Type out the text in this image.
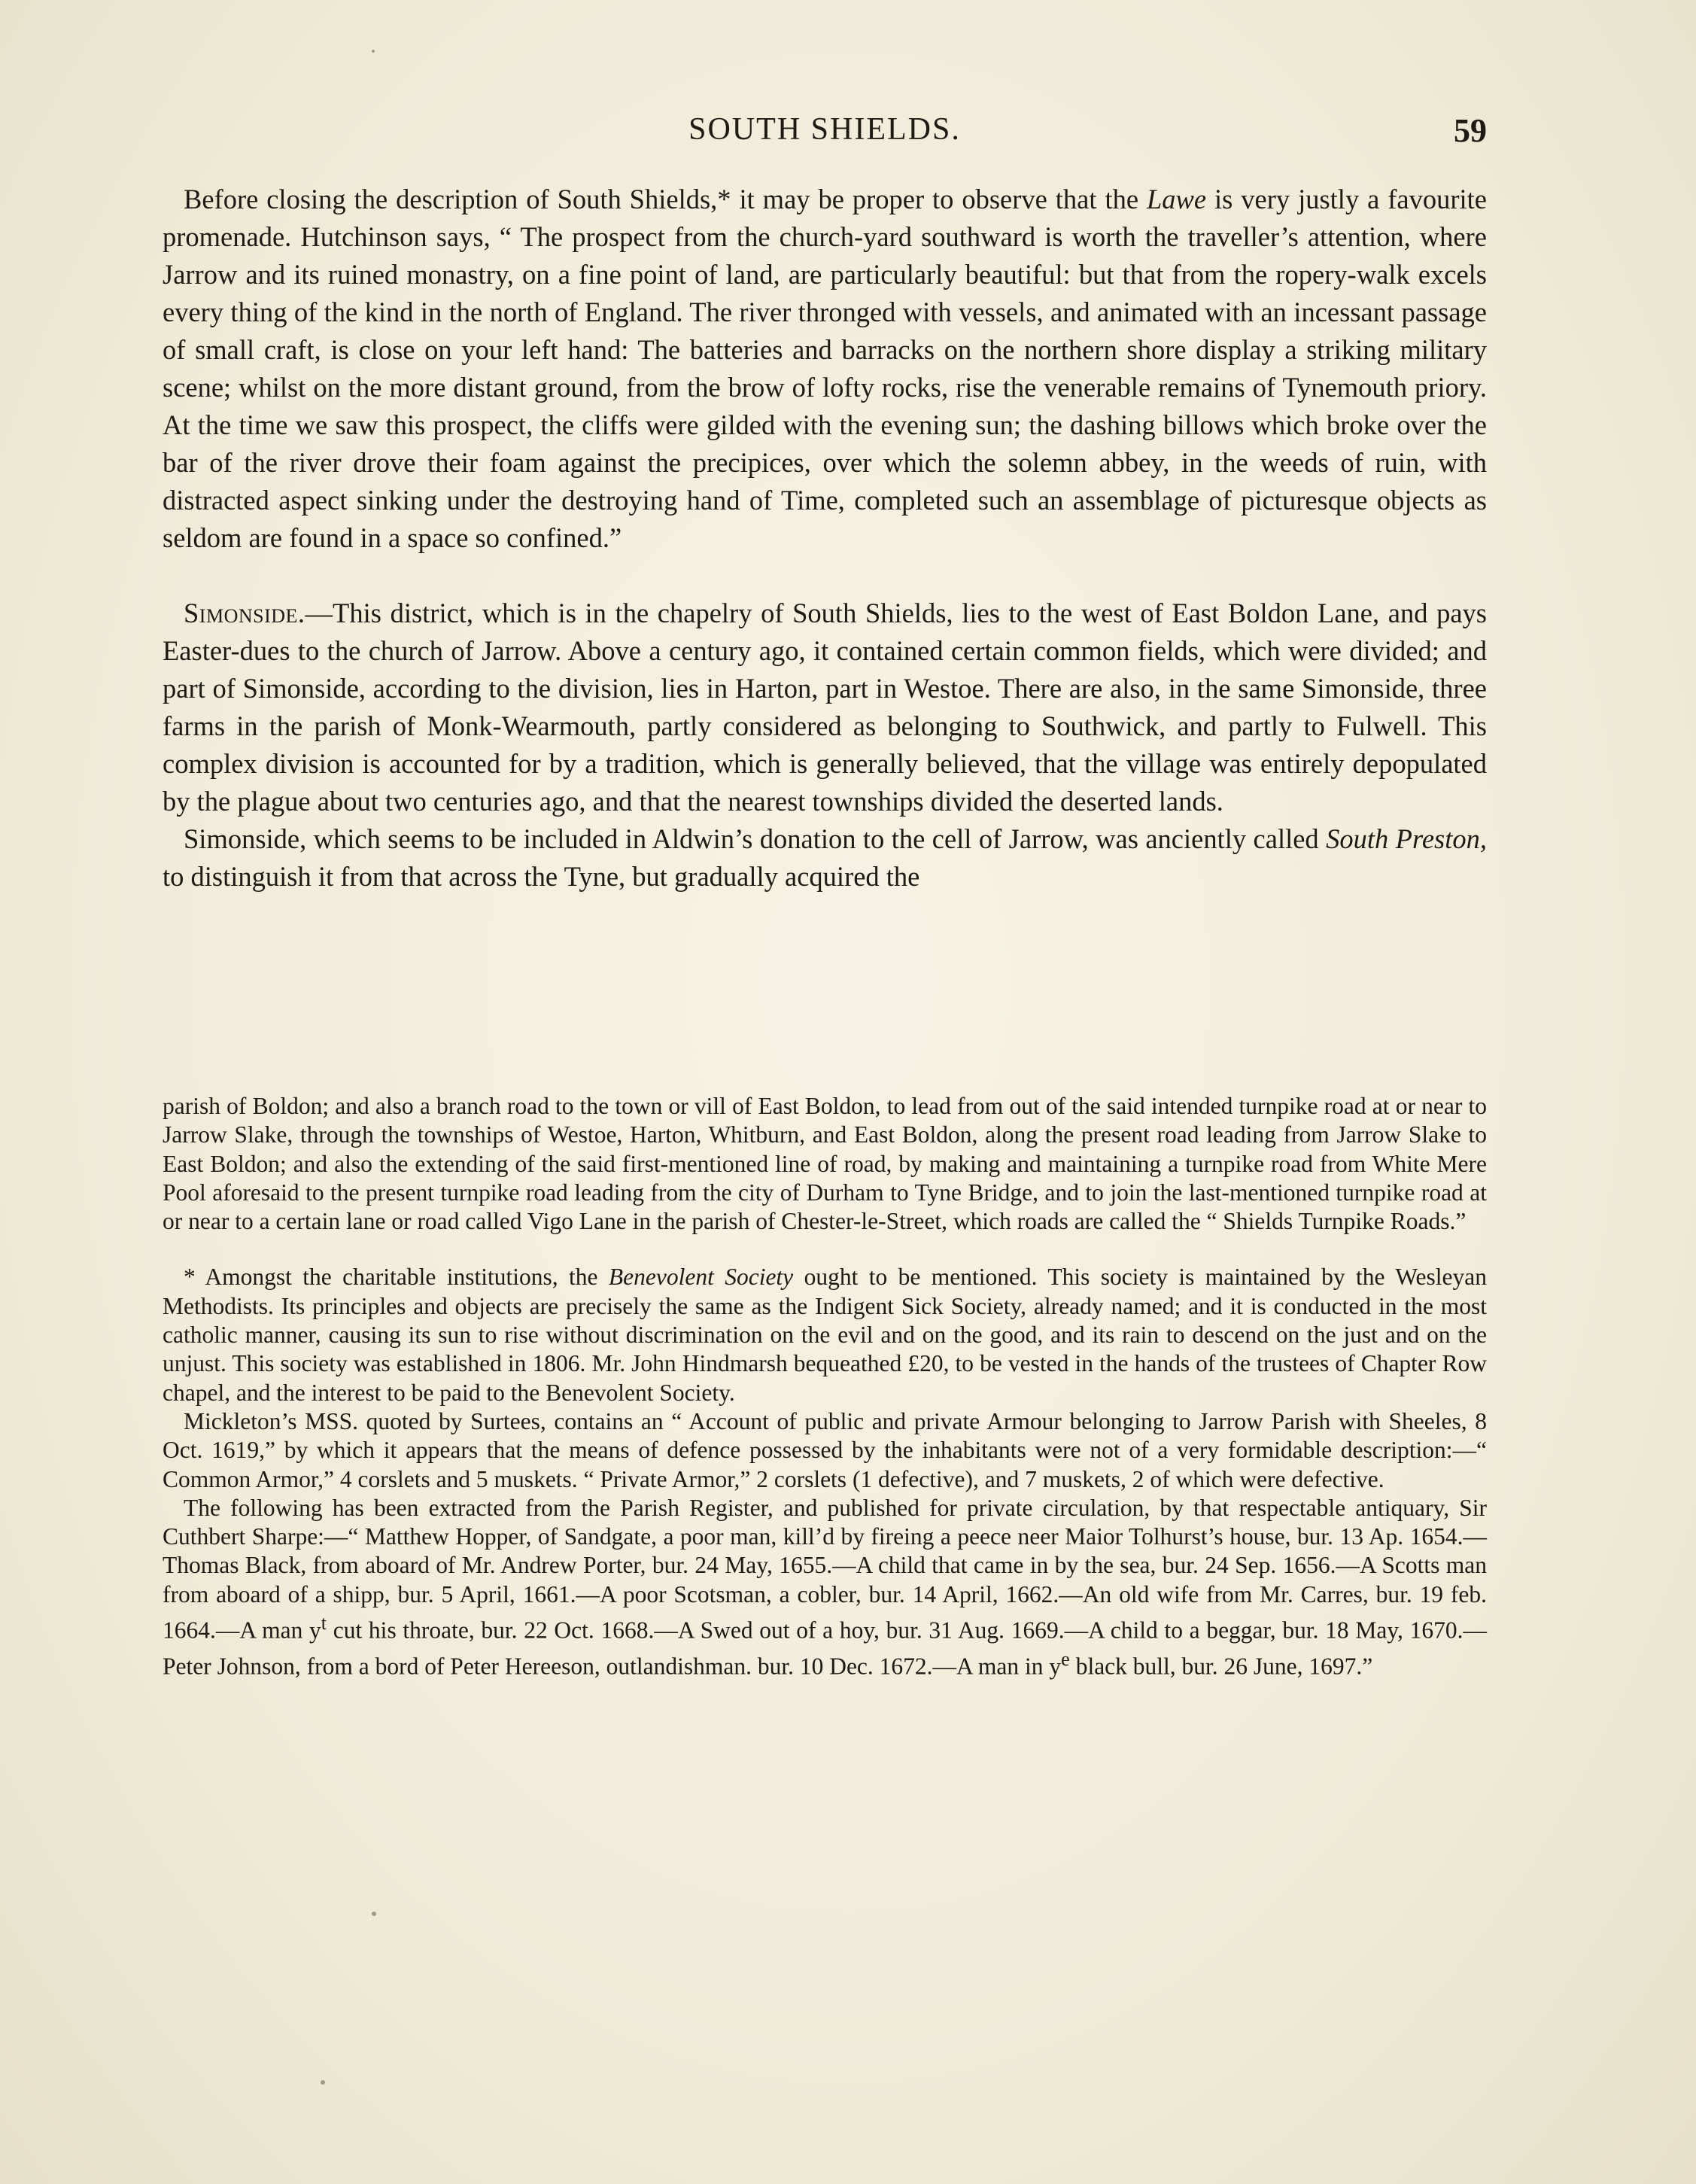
SOUTH SHIELDS.	59

Before closing the description of South Shields,* it may be proper to observe that the Lawe is very justly a favourite promenade. Hutchinson says, “ The prospect from the church-yard southward is worth the traveller’s attention, where Jarrow and its ruined monastry, on a fine point of land, are particularly beautiful: but that from the ropery-walk excels every thing of the kind in the north of England. The river thronged with vessels, and animated with an incessant passage of small craft, is close on your left hand: The batteries and barracks on the northern shore display a striking military scene; whilst on the more distant ground, from the brow of lofty rocks, rise the venerable remains of Tynemouth priory. At the time we saw this prospect, the cliffs were gilded with the evening sun; the dashing billows which broke over the bar of the river drove their foam against the precipices, over which the solemn abbey, in the weeds of ruin, with distracted aspect sinking under the destroying hand of Time, completed such an assemblage of picturesque objects as seldom are found in a space so confined.”

Simonside.—This district, which is in the chapelry of South Shields, lies to the west of East Boldon Lane, and pays Easter-dues to the church of Jarrow. Above a century ago, it contained certain common fields, which were divided; and part of Simonside, according to the division, lies in Harton, part in Westoe. There are also, in the same Simonside, three farms in the parish of Monk-Wearmouth, partly considered as belonging to Southwick, and partly to Fulwell. This complex division is accounted for by a tradition, which is generally believed, that the village was entirely depopulated by the plague about two centuries ago, and that the nearest townships divided the deserted lands.

Simonside, which seems to be included in Aldwin’s donation to the cell of Jarrow, was anciently called South Preston, to distinguish it from that across the Tyne, but gradually acquired the

parish of Boldon; and also a branch road to the town or vill of East Boldon, to lead from out of the said intended turnpike road at or near to Jarrow Slake, through the townships of Westoe, Harton, Whitburn, and East Boldon, along the present road leading from Jarrow Slake to East Boldon; and also the extending of the said first-mentioned line of road, by making and maintaining a turnpike road from White Mere Pool aforesaid to the present turnpike road leading from the city of Durham to Tyne Bridge, and to join the last-mentioned turnpike road at or near to a certain lane or road called Vigo Lane in the parish of Chester-le-Street, which roads are called the “ Shields Turnpike Roads.”

* Amongst the charitable institutions, the Benevolent Society ought to be mentioned. This society is maintained by the Wesleyan Methodists. Its principles and objects are precisely the same as the Indigent Sick Society, already named; and it is conducted in the most catholic manner, causing its sun to rise without discrimination on the evil and on the good, and its rain to descend on the just and on the unjust. This society was established in 1806. Mr. John Hindmarsh bequeathed £20, to be vested in the hands of the trustees of Chapter Row chapel, and the interest to be paid to the Benevolent Society.

Mickleton’s MSS. quoted by Surtees, contains an “ Account of public and private Armour belonging to Jarrow Parish with Sheeles, 8 Oct. 1619,” by which it appears that the means of defence possessed by the inhabitants were not of a very formidable description:—“ Common Armor,” 4 corslets and 5 muskets. “ Private Armor,” 2 corslets (1 defective), and 7 muskets, 2 of which were defective.

The following has been extracted from the Parish Register, and published for private circulation, by that respectable antiquary, Sir Cuthbert Sharpe:—“ Matthew Hopper, of Sandgate, a poor man, kill’d by fireing a peece neer Maior Tolhurst’s house, bur. 13 Ap. 1654.—Thomas Black, from aboard of Mr. Andrew Porter, bur. 24 May, 1655.—A child that came in by the sea, bur. 24 Sep. 1656.—A Scotts man from aboard of a shipp, bur. 5 April, 1661.—A poor Scotsman, a cobler, bur. 14 April, 1662.—An old wife from Mr. Carres, bur. 19 feb. 1664.—A man $y^t$ cut his throate, bur. 22 Oct. 1668.—A Swed out of a hoy, bur. 31 Aug. 1669.—A child to a beggar, bur. 18 May, 1670.—Peter Johnson, from a bord of Peter Hereeson, outlandishman. bur. 10 Dec. 1672.—A man in $y^e$ black bull, bur. 26 June, 1697.”
